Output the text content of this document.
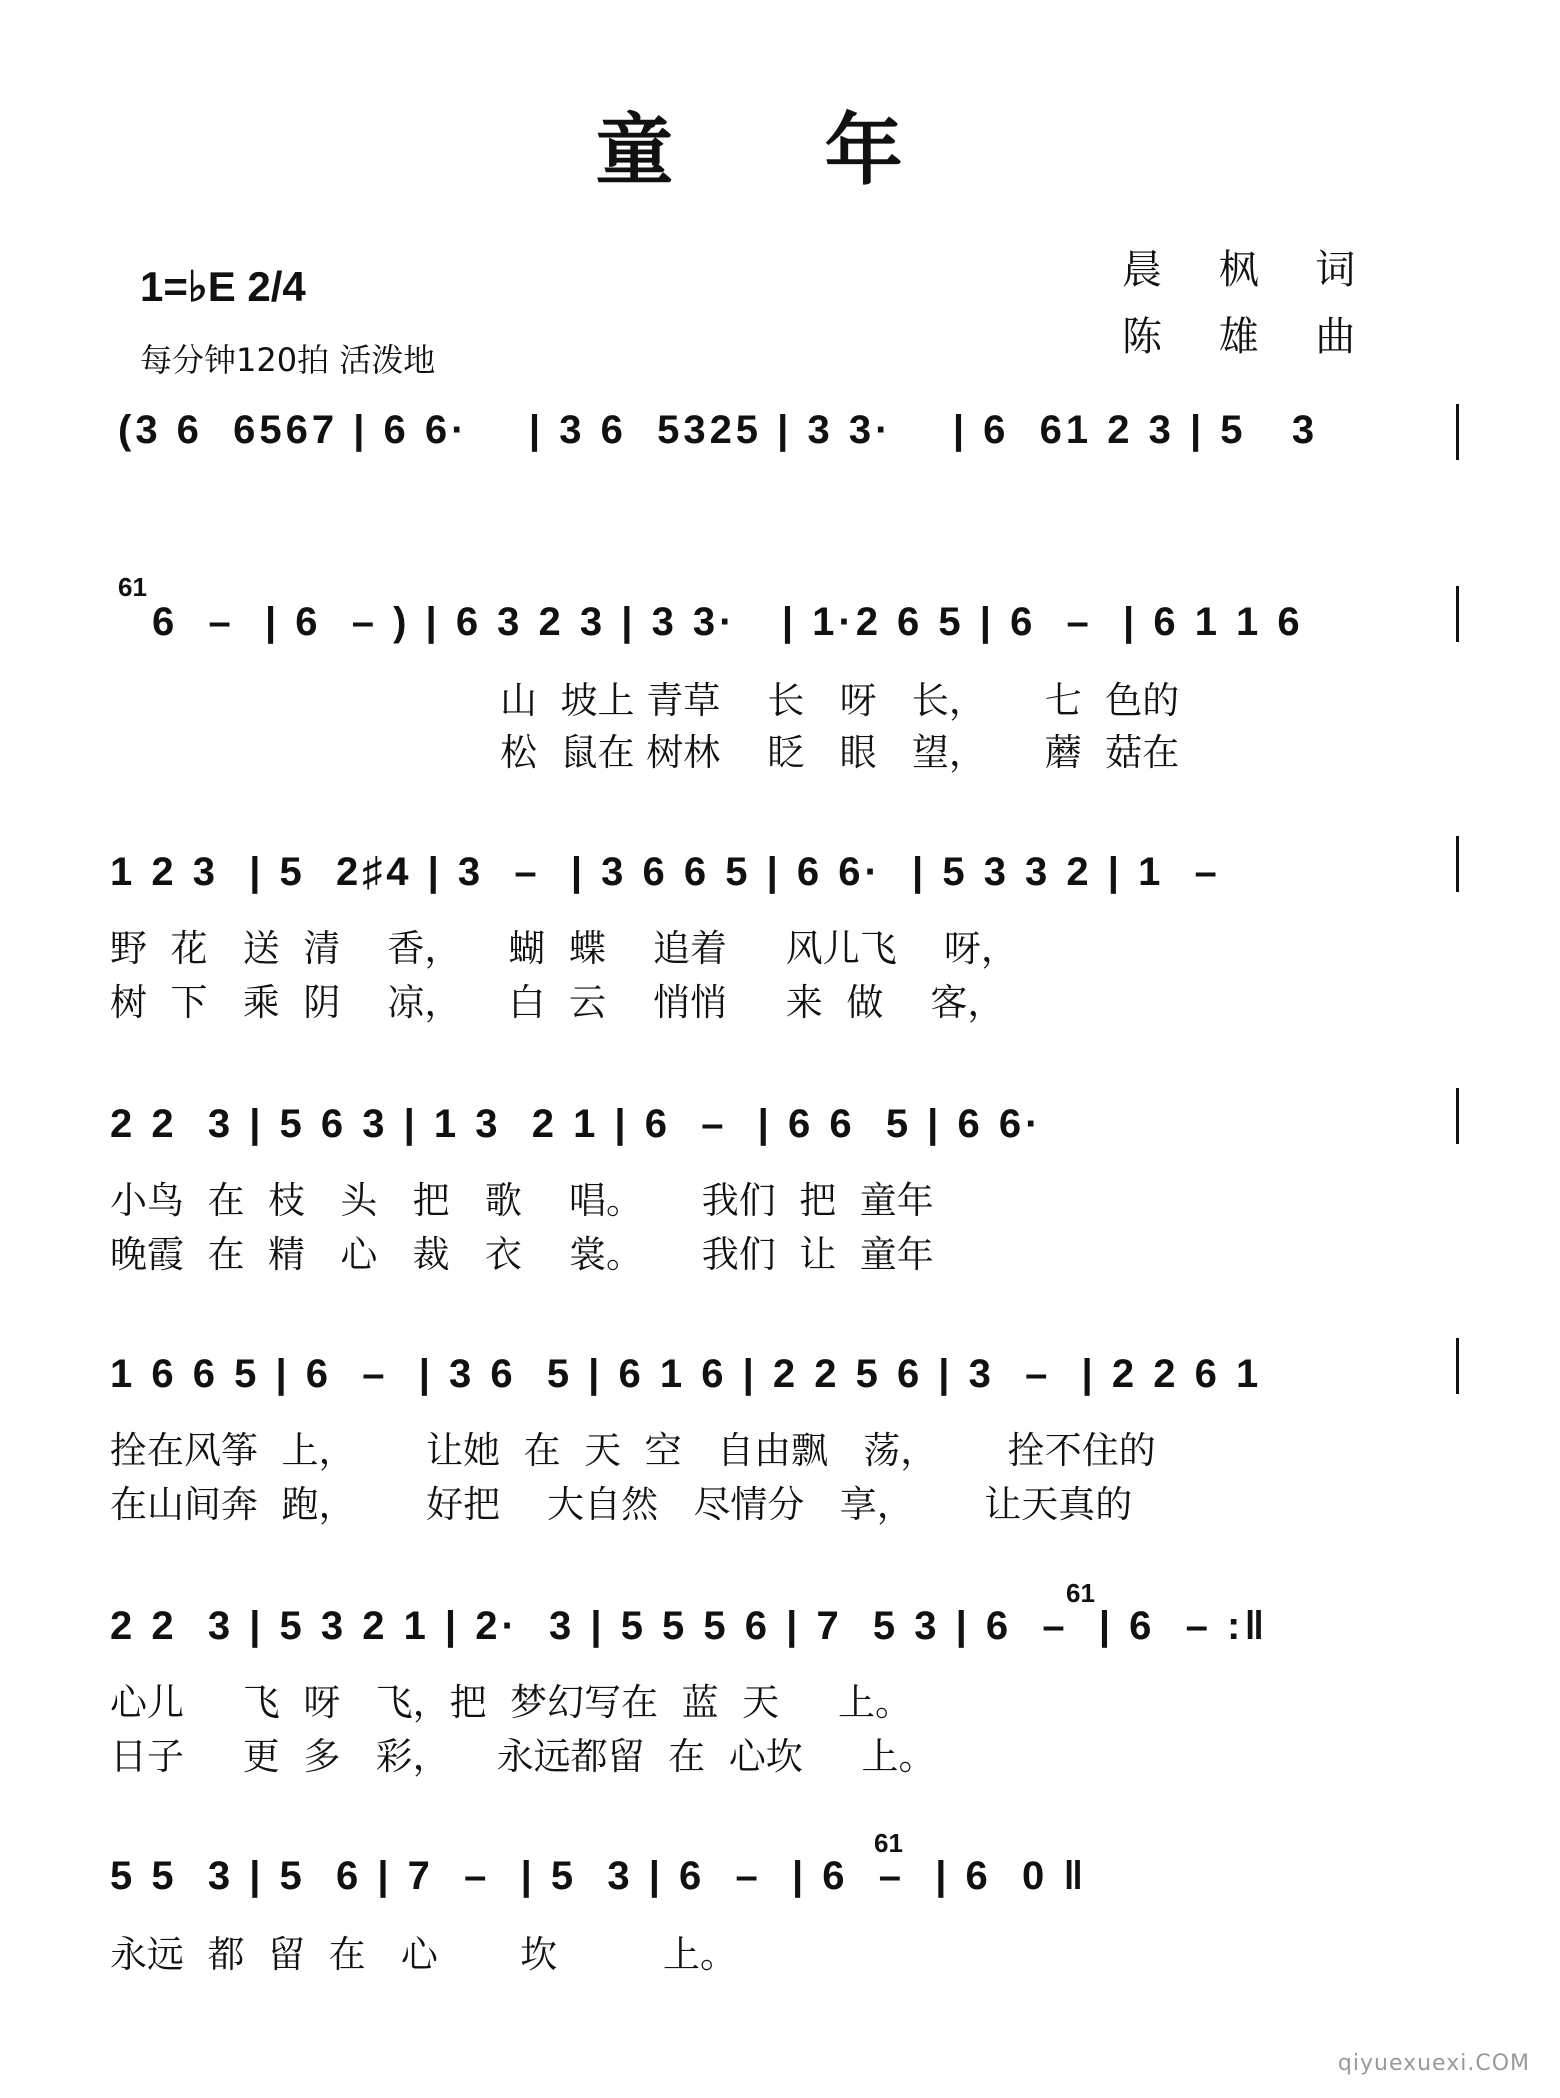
童 年
1=♭E 2/4
每分钟120拍 活泼地
晨 枫 词
陈 雄 曲
(3 6  6567 | 6 6·    | 3 6  5325 | 3 3·    | 6  61 2 3 | 5   3
61
6  –  | 6  – ) | 6 3 2 3 | 3 3·   | 1·2 6 5 | 6  –  | 6 1 1 6
山  坡上 青草    长   呀   长，     七  色的
松  鼠在 树林    眨   眼   望，     蘑  菇在
1 2 3  | 5  2♯4 | 3  –  | 3 6 6 5 | 6 6·  | 5 3 3 2 | 1  –
野  花   送  清    香，    蝴  蝶    追着     风儿飞    呀，
树  下   乘  阴    凉，    白  云    悄悄     来  做    客，
2 2  3 | 5 6 3 | 1 3  2 1 | 6  –  | 6 6  5 | 6 6·
小鸟  在  枝   头   把   歌    唱。     我们  把  童年
晚霞  在  精   心   裁   衣    裳。     我们  让  童年
1 6 6 5 | 6  –  | 3 6  5 | 6 1 6 | 2 2 5 6 | 3  –  | 2 2 6 1
拴在风筝  上，      让她  在  天  空   自由飘   荡，      拴不住的
在山间奔  跑，      好把    大自然   尽情分   享，      让天真的
61
2 2  3 | 5 3 2 1 | 2·  3 | 5 5 5 6 | 7  5 3 | 6  –  | 6  – :‖
心儿     飞  呀   飞，把  梦幻写在  蓝  天     上。
日子     更  多   彩，    永远都留  在  心坎     上。
61
5 5  3 | 5  6 | 7  –  | 5  3 | 6  –  | 6  –  | 6  0 ‖
永远  都  留  在   心       坎         上。
qiyuexuexi.COM
